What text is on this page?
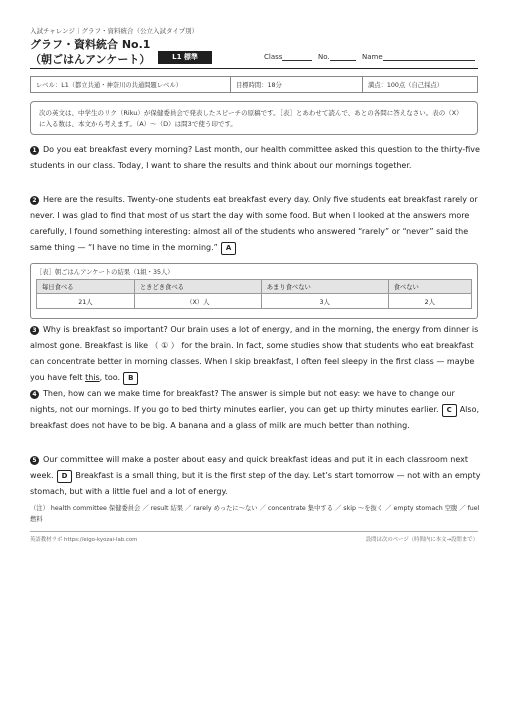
入試チャレンジ｜グラフ・資料統合（公立入試タイプ別）
グラフ・資料統合 No.1
（朝ごはんアンケート）	L1 標準	Class	No.	Name
レベル：L1（都立共通・神奈川の共通問題レベル）	目標時間：18分	満点：100点（自己採点）
次の英文は、中学生のリク（Riku）が保健委員会で発表したスピーチの原稿です。［表］とあわせて読んで、あとの各問に答えなさい。表の（X）に入る数は、本文から考えます。（A）～（D）は問3で使う印です。
1 Do you eat breakfast every morning? Last month, our health committee asked this question to the thirty-five students in our class. Today, I want to share the results and think about our mornings together.
2 Here are the results. Twenty-one students eat breakfast every day. Only five students eat breakfast rarely or never. I was glad to find that most of us start the day with some food. But when I looked at the answers more carefully, I found something interesting: almost all of the students who answered “rarely” or “never” said the same thing — “I have no time in the morning.” A
［表］朝ごはんアンケートの結果（1組・35人）
毎日食べる	ときどき食べる	あまり食べない	食べない
21人	（X）人	3人	2人
3 Why is breakfast so important? Our brain uses a lot of energy, and in the morning, the energy from dinner is almost gone. Breakfast is like （ ① ） for the brain. In fact, some studies show that students who eat breakfast can concentrate better in morning classes. When I skip breakfast, I often feel sleepy in the first class — maybe you have felt this, too. B
4 Then, how can we make time for breakfast? The answer is simple but not easy: we have to change our nights, not our mornings. If you go to bed thirty minutes earlier, you can get up thirty minutes earlier. C Also, breakfast does not have to be big. A banana and a glass of milk are much better than nothing.
5 Our committee will make a poster about easy and quick breakfast ideas and put it in each classroom next week. D Breakfast is a small thing, but it is the first step of the day. Let’s start tomorrow — not with an empty stomach, but with a little fuel and a lot of energy.
（注） health committee 保健委員会 ／ result 結果 ／ rarely めったに～ない ／ concentrate 集中する ／ skip ～を抜く ／ empty stomach 空腹 ／ fuel 燃料
英語教材ラボ https://eigo-kyozai-lab.com	設問は次のページ（時間内に本文→設問まで）
